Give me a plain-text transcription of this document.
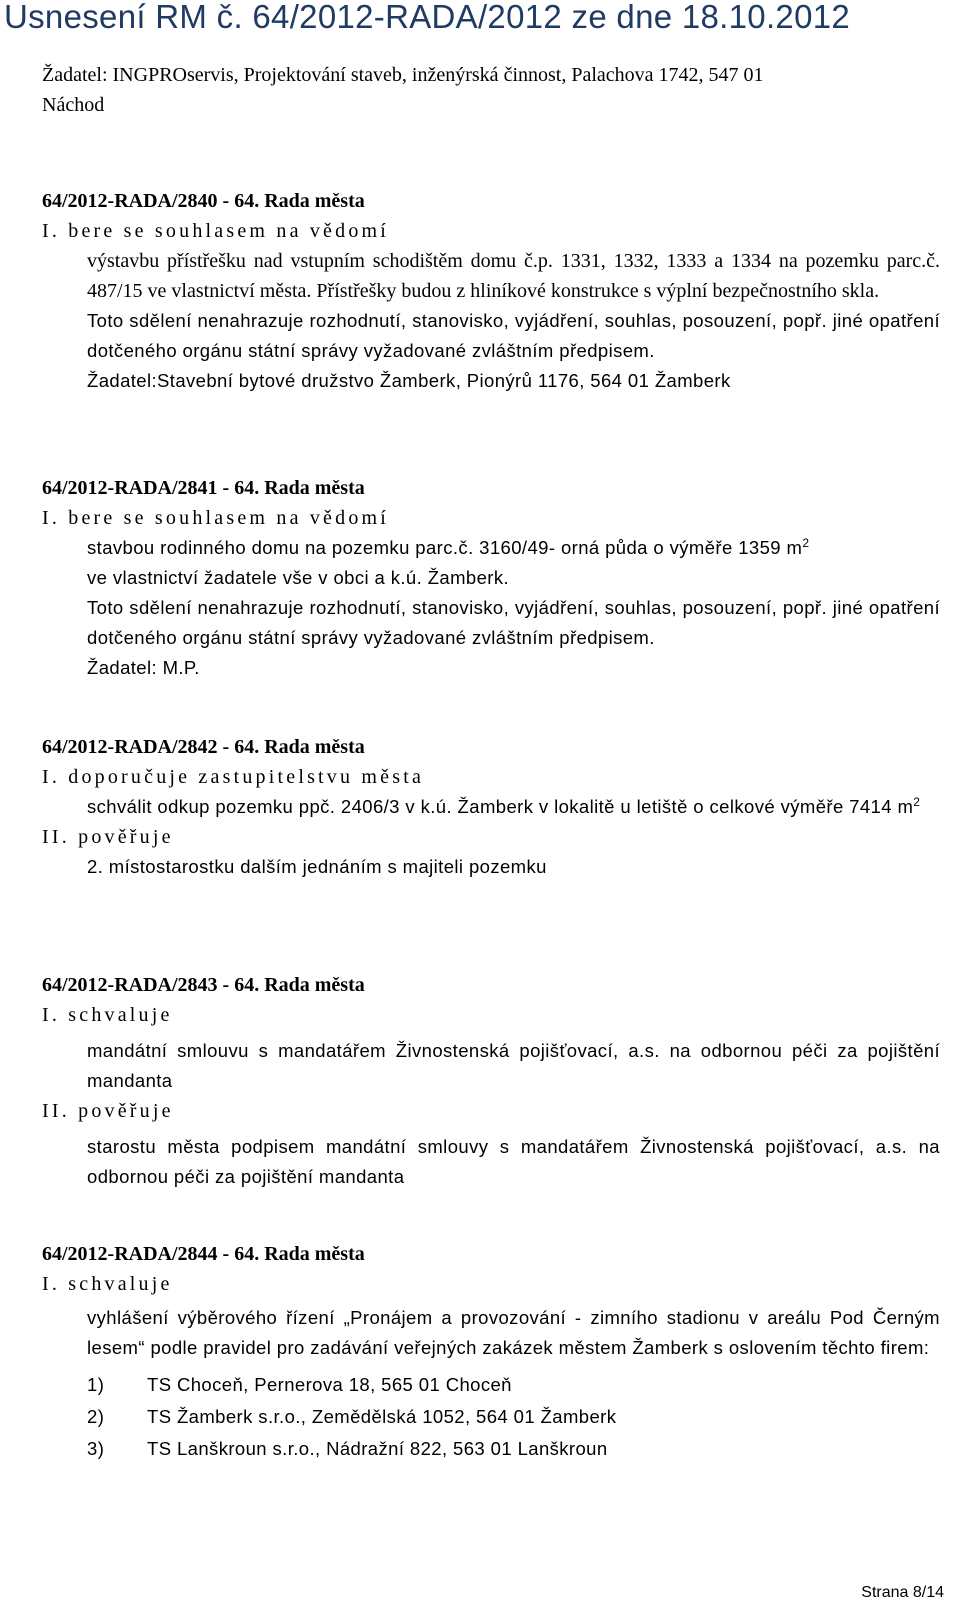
Usnesení RM č. 64/2012-RADA/2012 ze dne 18.10.2012
Žadatel: INGPROservis, Projektování staveb, inženýrská činnost, Palachova 1742, 547 01
Náchod
64/2012-RADA/2840 - 64. Rada města
I. bere se souhlasem na vědomí
výstavbu přístřešku nad vstupním schodištěm domu č.p. 1331, 1332, 1333 a 1334 na pozemku parc.č. 487/15 ve vlastnictví města. Přístřešky budou z hliníkové konstrukce s výplní bezpečnostního skla.
Toto sdělení nenahrazuje rozhodnutí, stanovisko, vyjádření, souhlas, posouzení, popř. jiné opatření dotčeného orgánu státní správy vyžadované zvláštním předpisem.
Žadatel:Stavební bytové družstvo Žamberk, Pionýrů 1176, 564 01 Žamberk
64/2012-RADA/2841 - 64. Rada města
I. bere se souhlasem na vědomí
stavbou rodinného domu na pozemku parc.č. 3160/49- orná půda o výměře 1359 $m^2$
ve vlastnictví žadatele vše v obci a k.ú. Žamberk.
Toto sdělení nenahrazuje rozhodnutí, stanovisko, vyjádření, souhlas, posouzení, popř. jiné opatření dotčeného orgánu státní správy vyžadované zvláštním předpisem.
Žadatel: M.P.
64/2012-RADA/2842 - 64. Rada města
I. doporučuje zastupitelstvu města
schválit odkup pozemku ppč. 2406/3 v k.ú. Žamberk v lokalitě u letiště o celkové výměře 7414 $m^2$
II. pověřuje
2. místostarostku dalším jednáním s majiteli pozemku
64/2012-RADA/2843 - 64. Rada města
I. schvaluje
mandátní smlouvu s mandatářem Živnostenská pojišťovací, a.s. na odbornou péči za pojištění mandanta
II. pověřuje
starostu města podpisem mandátní smlouvy s mandatářem Živnostenská pojišťovací, a.s. na odbornou péči za pojištění mandanta
64/2012-RADA/2844 - 64. Rada města
I. schvaluje
vyhlášení výběrového řízení „Pronájem a provozování - zimního stadionu v areálu Pod Černým lesem“ podle pravidel pro zadávání veřejných zakázek městem Žamberk s oslovením těchto firem:
1)	TS Choceň, Pernerova 18, 565 01 Choceň
2)	TS Žamberk s.r.o., Zemědělská 1052, 564 01 Žamberk
3)	TS Lanškroun s.r.o., Nádražní 822, 563 01 Lanškroun
Strana 8/14
